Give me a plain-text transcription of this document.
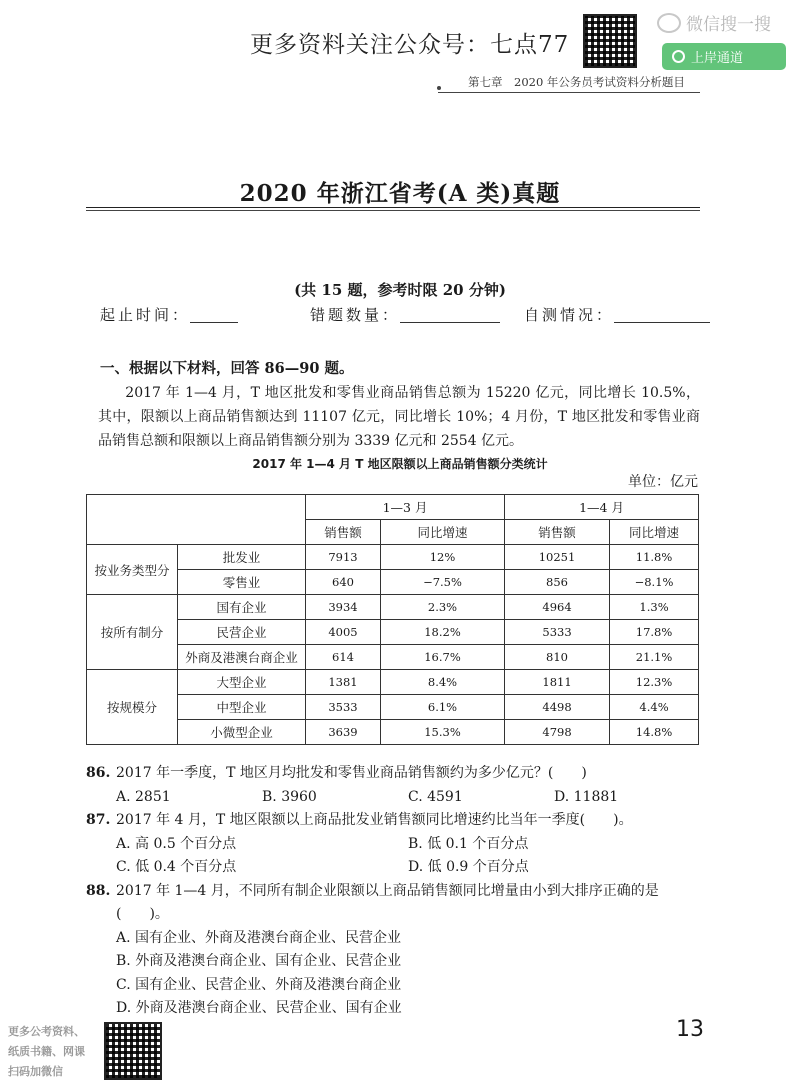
更多资料关注公众号：七点77
微信搜一搜
上岸通道
第七章　2020 年公务员考试资料分析题目
2020 年浙江省考(A 类)真题
(共 15 题，参考时限 20 分钟)
起止时间：	错题数量：	自测情况：
一、根据以下材料，回答 86—90 题。

2017 年 1—4 月，T 地区批发和零售业商品销售总额为 15220 亿元，同比增长 10.5%，其中，限额以上商品销售额达到 11107 亿元，同比增长 10%；4 月份，T 地区批发和零售业商品销售总额和限额以上商品销售额分别为 3339 亿元和 2554 亿元。

2017 年 1—4 月 T 地区限额以上商品销售额分类统计
单位：亿元
		1—3 月		1—4 月	
		销售额	同比增速	销售额	同比增速
按业务类型分	批发业	7913	12%	10251	11.8%
	零售业	640	−7.5%	856	−8.1%
按所有制分	国有企业	3934	2.3%	4964	1.3%
	民营企业	4005	18.2%	5333	17.8%
	外商及港澳台商企业	614	16.7%	810	21.1%
按规模分	大型企业	1381	8.4%	1811	12.3%
	中型企业	3533	6.1%	4498	4.4%
	小微型企业	3639	15.3%	4798	14.8%
86. 2017 年一季度，T 地区月均批发和零售业商品销售额约为多少亿元？(　　)
A. 2851	B. 3960	C. 4591	D. 11881
87. 2017 年 4 月，T 地区限额以上商品批发业销售额同比增速约比当年一季度(　　)。
A. 高 0.5 个百分点	B. 低 0.1 个百分点
C. 低 0.4 个百分点	D. 低 0.9 个百分点
88. 2017 年 1—4 月，不同所有制企业限额以上商品销售额同比增量由小到大排序正确的是
(　　)。
A. 国有企业、外商及港澳台商企业、民营企业
B. 外商及港澳台商企业、国有企业、民营企业
C. 国有企业、民营企业、外商及港澳台商企业
D. 外商及港澳台商企业、民营企业、国有企业
更多公考资料、
纸质书籍、网课
扫码加微信
13
